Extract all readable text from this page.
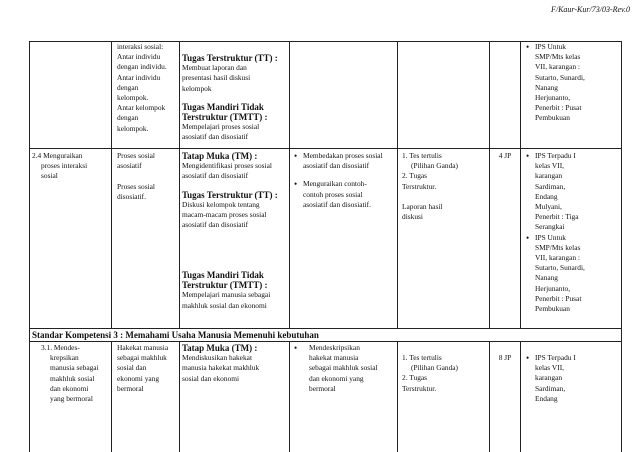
F/Kaur-Kur/73/03-Rev.0

interaksi sosial:

Antar individu

dengan individu.

Antar individu

dengan

kelompok.

Antar kelompok

dengan

kelompok.

Tugas Terstruktur (TT) :

Membuat laporan dan

presentasi hasil diskusi

kelompok

Tugas Mandiri Tidak

Terstruktur (TMTT) :

Mempelajari proses sosial

asosiatif dan disosiatif

• IPS Untuk

SMP/Mts kelas

VII, karangan :

Sutarto, Sunardi,

Nanang

Herjunanto,

Penerbit : Pusat

Pembukuan

2.4 Menguraikan

proses interaksi

sosial

Proses sosial

asosiatif

Proses sosial

disosiatif.

Tatap Muka (TM) :

Mengidentifikasi proses sosial

asosiatif dan disosiatif

Tugas Terstruktur (TT) :

Diskusi kelompok tentang

macam-macam proses sosial

asosiatif dan disosiatif

Tugas Mandiri Tidak

Terstruktur (TMTT) :

Mempelajari manusia sebagai

makhluk sosial dan ekonomi

• Membedakan proses sosial

asosiatif dan disosiatif

• Menguraikan contoh-

contoh proses sosial

asosiatif dan disosiatif.

1. Tes tertulis

(Pilihan Ganda)

2. Tugas

Terstruktur.

Laporan hasil

diskusi

4 JP	• IPS Terpadu I

kelas VII,

karangan

Sardiman,

Endang

Mulyani,

Penerbit : Tiga

Serangkai

• IPS Untuk

SMP/Mts kelas

VII, karangan :

Sutarto, Sunardi,

Nanang

Herjunanto,

Penerbit : Pusat

Pembukuan

Standar Kompetensi 3 : Memahami Usaha Manusia Memenuhi kebutuhan

3.1. Mendes-

krepsikan

manusia sebagai

makhluk sosial

dan ekonomi

yang bermoral

Hakekat manusia

sebagai makhluk

sosial dan

ekonomi yang

bermoral

Tatap Muka (TM) :

Mendiskusikan hakekat

manusia hakekat makhluk

sosial dan ekonomi

• Mendeskripsikan

hakekat manusia

sebagai makhluk sosial

dan ekonomi yang

bermoral

1. Tes tertulis

(Pilihan Ganda)

2. Tugas

Terstruktur.

8 JP	• IPS Terpadu I

kelas VII,

karangan

Sardiman,

Endang
